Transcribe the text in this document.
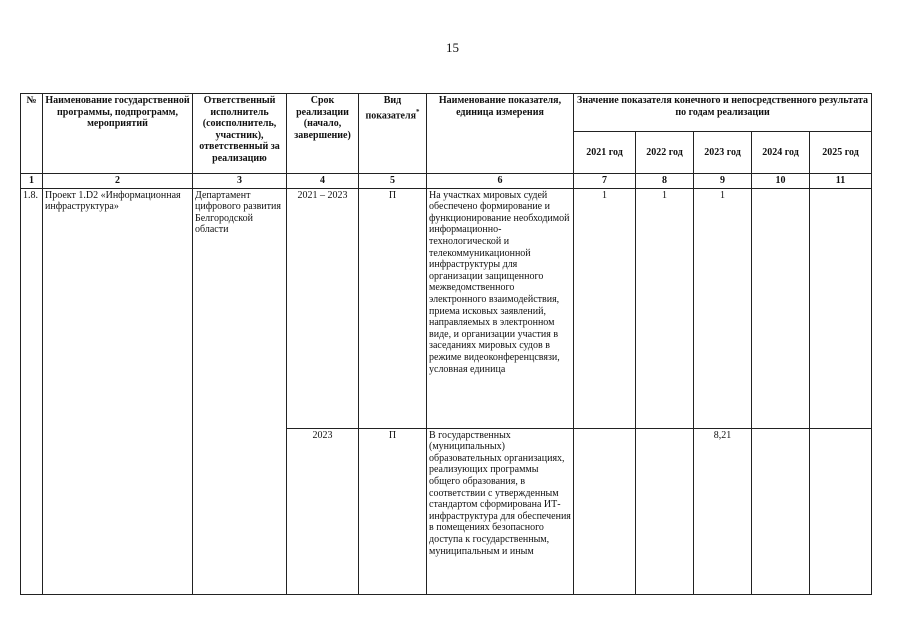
15
№	Наименование государственной программы, подпрограмм, мероприятий	Ответственный исполнитель (соисполнитель, участник), ответственный за реализацию	Срок реализации (начало, завершение)	Вид показателя*	Наименование показателя, единица измерения	Значение показателя конечного и непосредственного результата по годам реализации				
						2021 год	2022 год	2023 год	2024 год	2025 год
1	2	3	4	5	6	7	8	9	10	11
1.8.	Проект 1.D2 «Информационная инфраструктура»	Департамент цифрового развития Белгородской области	2021 – 2023	П	На участках мировых судей обеспечено формирование и функционирование необходимой информационно-технологической и телекоммуникационной инфраструктуры для организации защищенного межведомственного электронного взаимодействия, приема исковых заявлений, направляемых в электронном виде, и организации участия в заседаниях мировых судов в режиме видеоконференцсвязи, условная единица	1	1	1		
			2023	П	В государственных (муниципальных) образовательных организациях, реализующих программы общего образования, в соответствии с утвержденным стандартом сформирована ИТ-инфраструктура для обеспечения в помещениях безопасного доступа к государственным, муниципальным и иным			8,21		
